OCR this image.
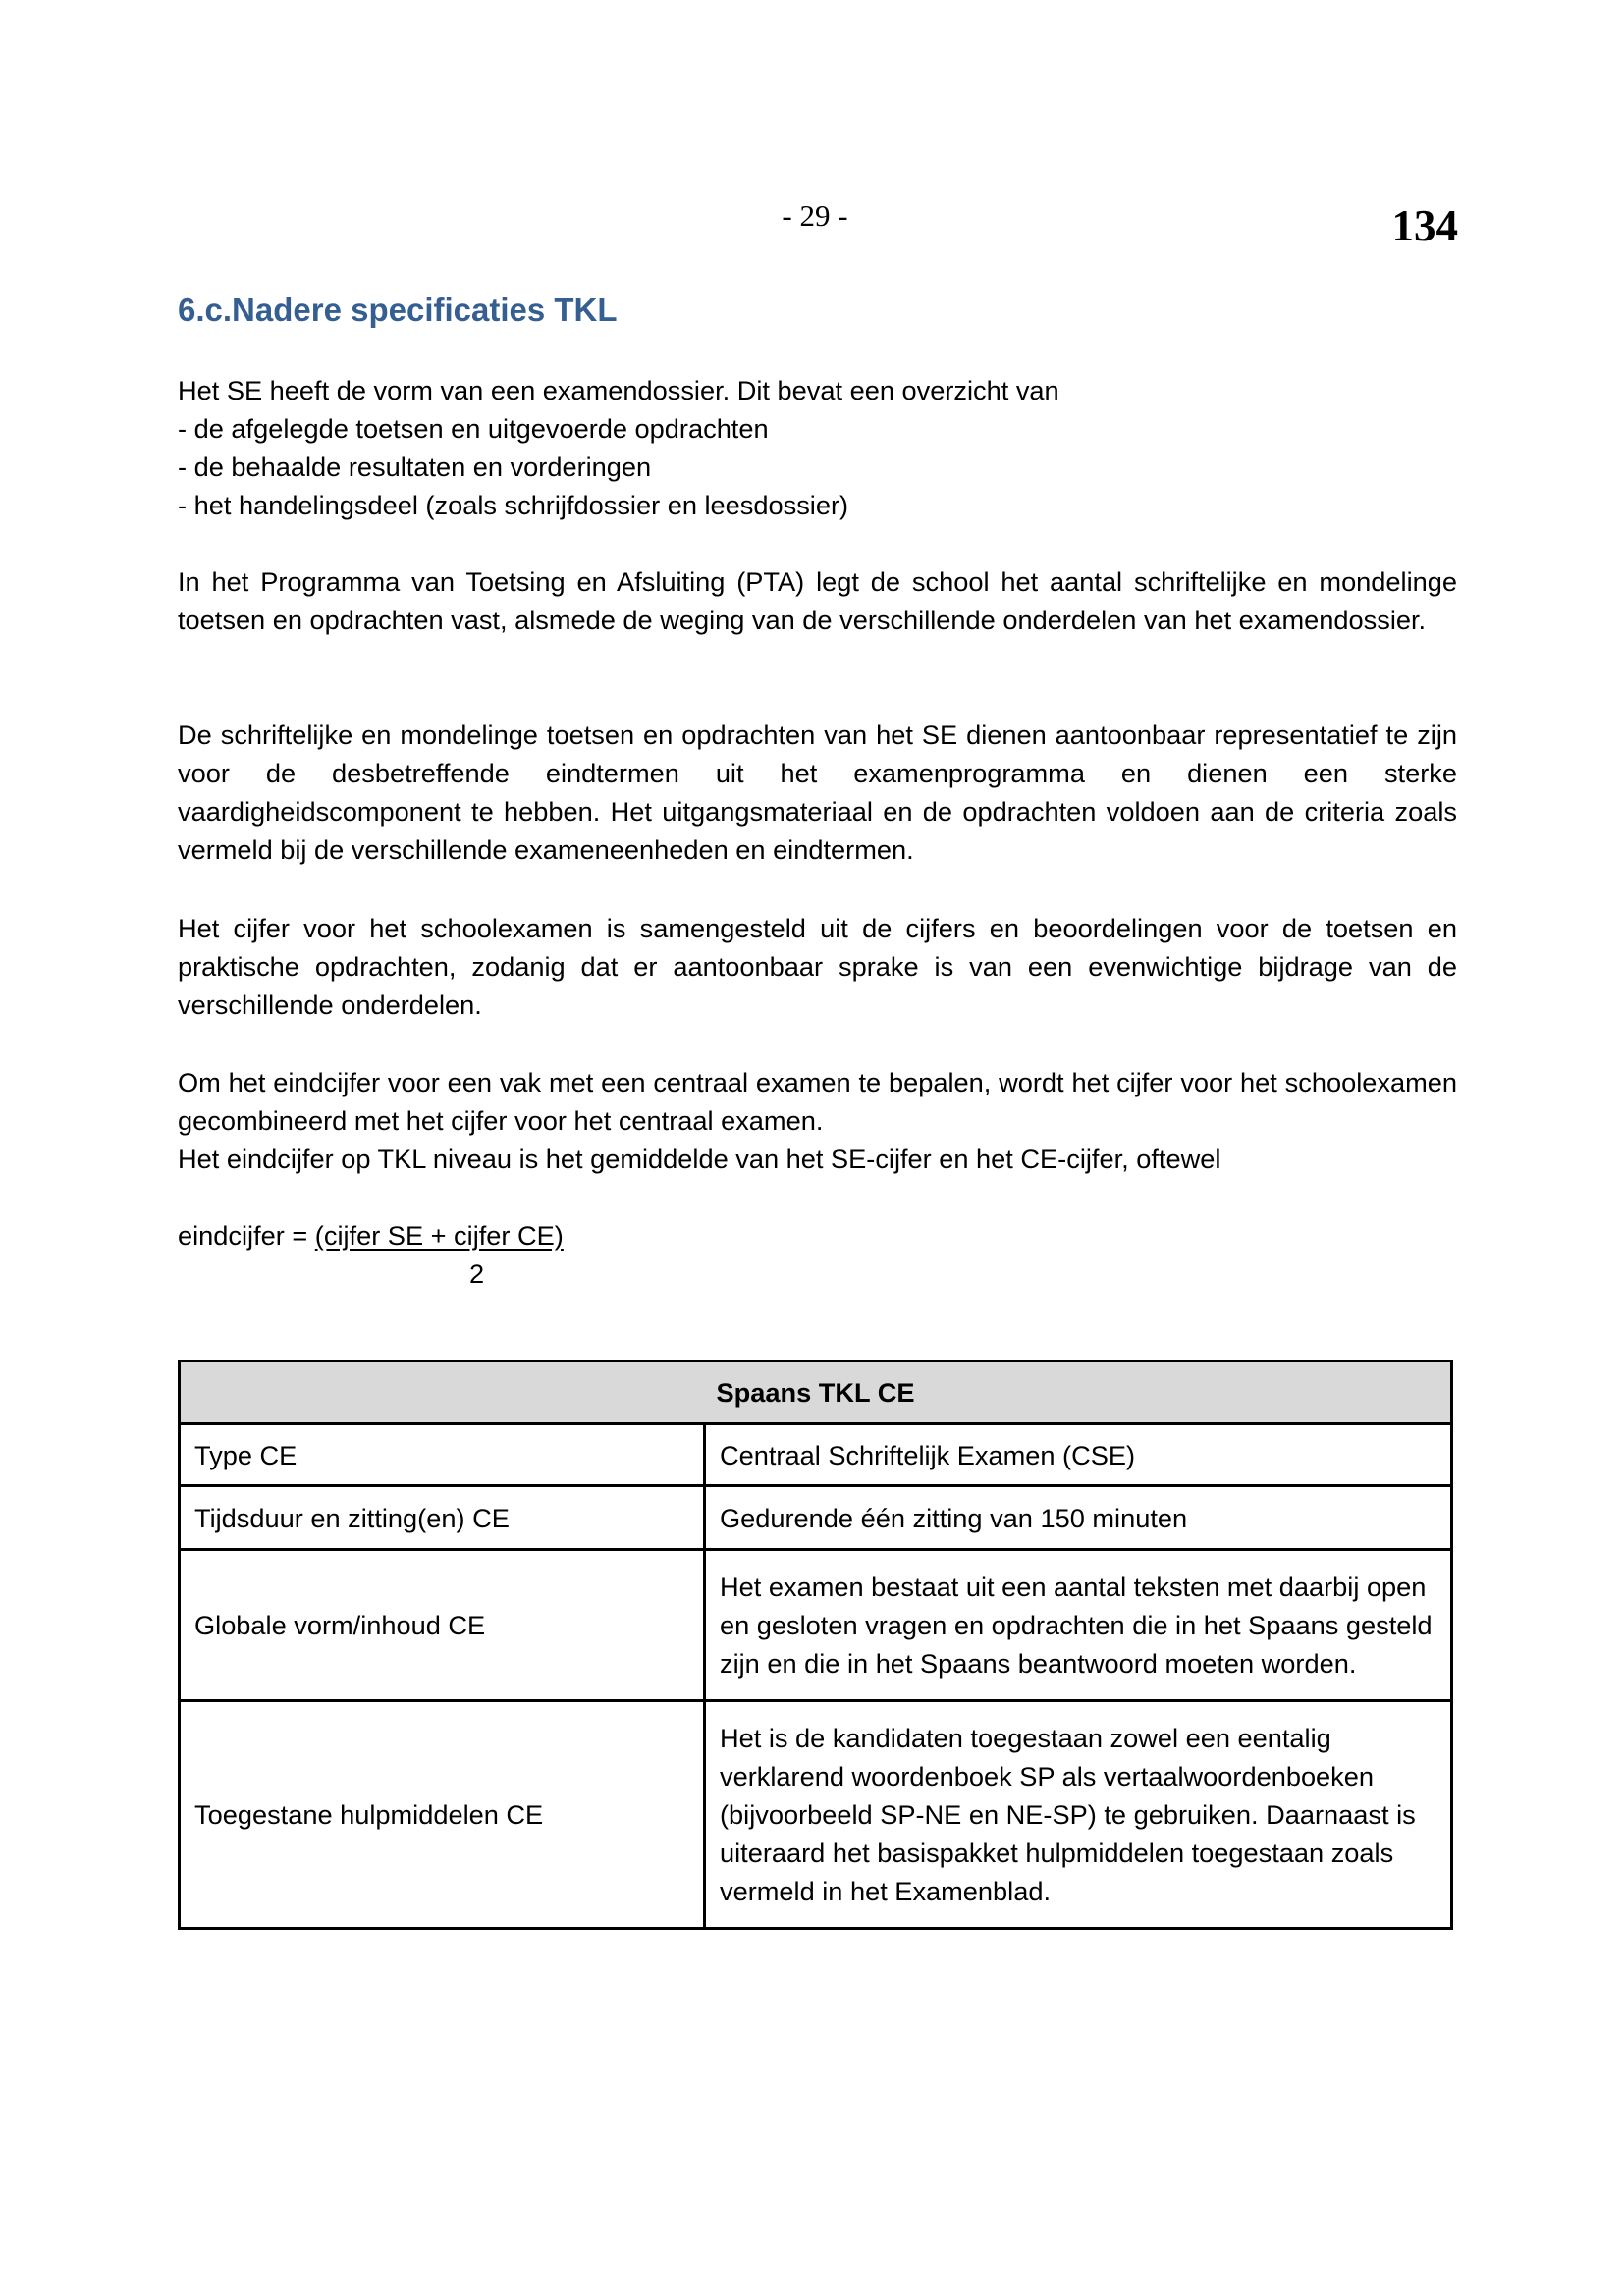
- 29 -	134
6.c.Nadere specificaties TKL
Het SE heeft de vorm van een examendossier. Dit bevat een overzicht van
- de afgelegde toetsen en uitgevoerde opdrachten
- de behaalde resultaten en vorderingen
- het handelingsdeel (zoals schrijfdossier en leesdossier)

In het Programma van Toetsing en Afsluiting (PTA) legt de school het aantal schriftelijke en mondelinge toetsen en opdrachten vast, alsmede de weging van de verschillende onderdelen van het examendossier.

De schriftelijke en mondelinge toetsen en opdrachten van het SE dienen aantoonbaar representatief te zijn voor de desbetreffende eindtermen uit het examenprogramma en dienen een sterke vaardigheidscomponent te hebben. Het uitgangsmateriaal en de opdrachten voldoen aan de criteria zoals vermeld bij de verschillende exameneenheden en eindtermen.

Het cijfer voor het schoolexamen is samengesteld uit de cijfers en beoordelingen voor de toetsen en praktische opdrachten, zodanig dat er aantoonbaar sprake is van een evenwichtige bijdrage van de verschillende onderdelen.

Om het eindcijfer voor een vak met een centraal examen te bepalen, wordt het cijfer voor het schoolexamen gecombineerd met het cijfer voor het centraal examen.

Het eindcijfer op TKL niveau is het gemiddelde van het SE-cijfer en het CE-cijfer, oftewel

eindcijfer = (cijfer SE + cijfer CE)
2
Spaans TKL CE	
Type CE	Centraal Schriftelijk Examen (CSE)
Tijdsduur en zitting(en) CE	Gedurende één zitting van 150 minuten
Globale vorm/inhoud CE	Het examen bestaat uit een aantal teksten met daarbij open en gesloten vragen en opdrachten die in het Spaans gesteld zijn en die in het Spaans beantwoord moeten worden.
Toegestane hulpmiddelen CE	Het is de kandidaten toegestaan zowel een eentalig verklarend woordenboek SP als vertaalwoordenboeken (bijvoorbeeld SP-NE en NE-SP) te gebruiken. Daarnaast is uiteraard het basispakket hulpmiddelen toegestaan zoals vermeld in het Examenblad.
